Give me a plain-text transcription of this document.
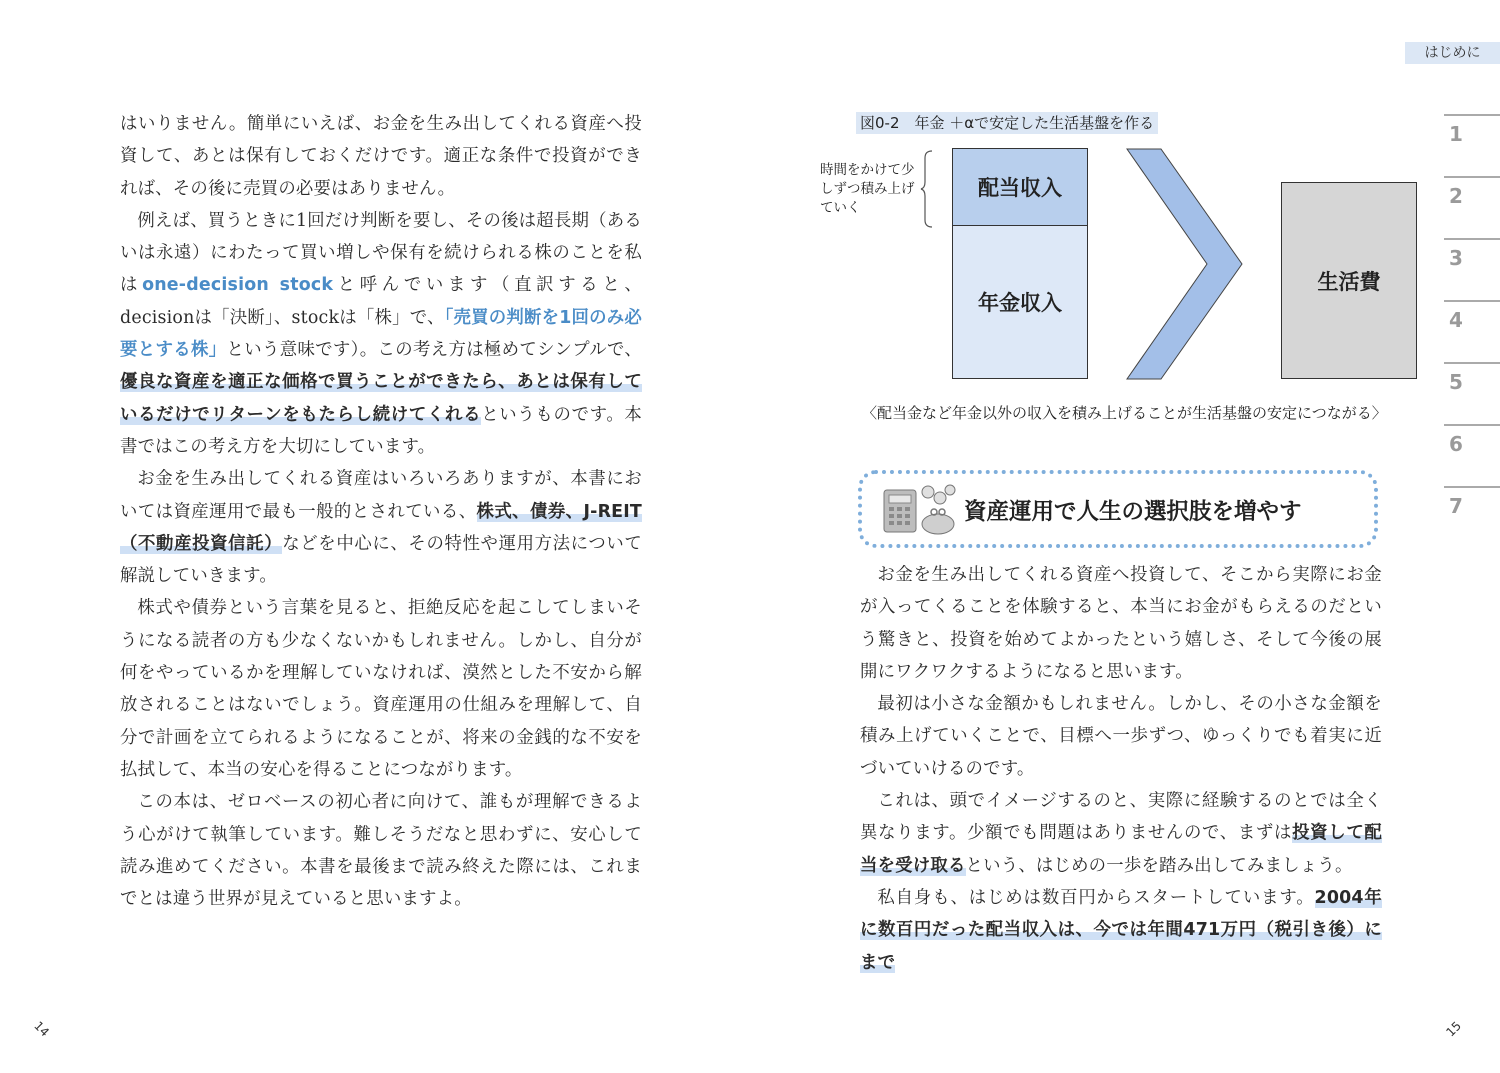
はじめに
1
2
3
4
5
6
7

はいりません。簡単にいえば、お金を生み出してくれる資産へ投資して、あとは保有しておくだけです。適正な条件で投資ができれば、その後に売買の必要はありません。

例えば、買うときに1回だけ判断を要し、その後は超長期（あるいは永遠）にわたって買い増しや保有を続けられる株のことを私はone-decision stockと呼んでいます（直訳すると、decisionは「決断」、stockは「株」で、「売買の判断を1回のみ必要とする株」という意味です）。この考え方は極めてシンプルで、優良な資産を適正な価格で買うことができたら、あとは保有しているだけでリターンをもたらし続けてくれるというものです。本書ではこの考え方を大切にしています。

お金を生み出してくれる資産はいろいろありますが、本書においては資産運用で最も一般的とされている、株式、債券、J-REIT（不動産投資信託）などを中心に、その特性や運用方法について解説していきます。

株式や債券という言葉を見ると、拒絶反応を起こしてしまいそうになる読者の方も少なくないかもしれません。しかし、自分が何をやっているかを理解していなければ、漠然とした不安から解放されることはないでしょう。資産運用の仕組みを理解して、自分で計画を立てられるようになることが、将来の金銭的な不安を払拭して、本当の安心を得ることにつながります。

この本は、ゼロベースの初心者に向けて、誰もが理解できるよう心がけて執筆しています。難しそうだなと思わずに、安心して読み進めてください。本書を最後まで読み終えた際には、これまでとは違う世界が見えていると思いますよ。

図0-2　年金 ＋αで安定した生活基盤を作る
時間をかけて少しずつ積み上げていく
配当収入
年金収入
生活費
〈配当金など年金以外の収入を積み上げることが生活基盤の安定につながる〉
資産運用で人生の選択肢を増やす

お金を生み出してくれる資産へ投資して、そこから実際にお金が入ってくることを体験すると、本当にお金がもらえるのだという驚きと、投資を始めてよかったという嬉しさ、そして今後の展開にワクワクするようになると思います。

最初は小さな金額かもしれません。しかし、その小さな金額を積み上げていくことで、目標へ一歩ずつ、ゆっくりでも着実に近づいていけるのです。

これは、頭でイメージするのと、実際に経験するのとでは全く異なります。少額でも問題はありませんので、まずは投資して配当を受け取るという、はじめの一歩を踏み出してみましょう。

私自身も、はじめは数百円からスタートしています。2004年に数百円だった配当収入は、今では年間471万円（税引き後）にまで

14	15
